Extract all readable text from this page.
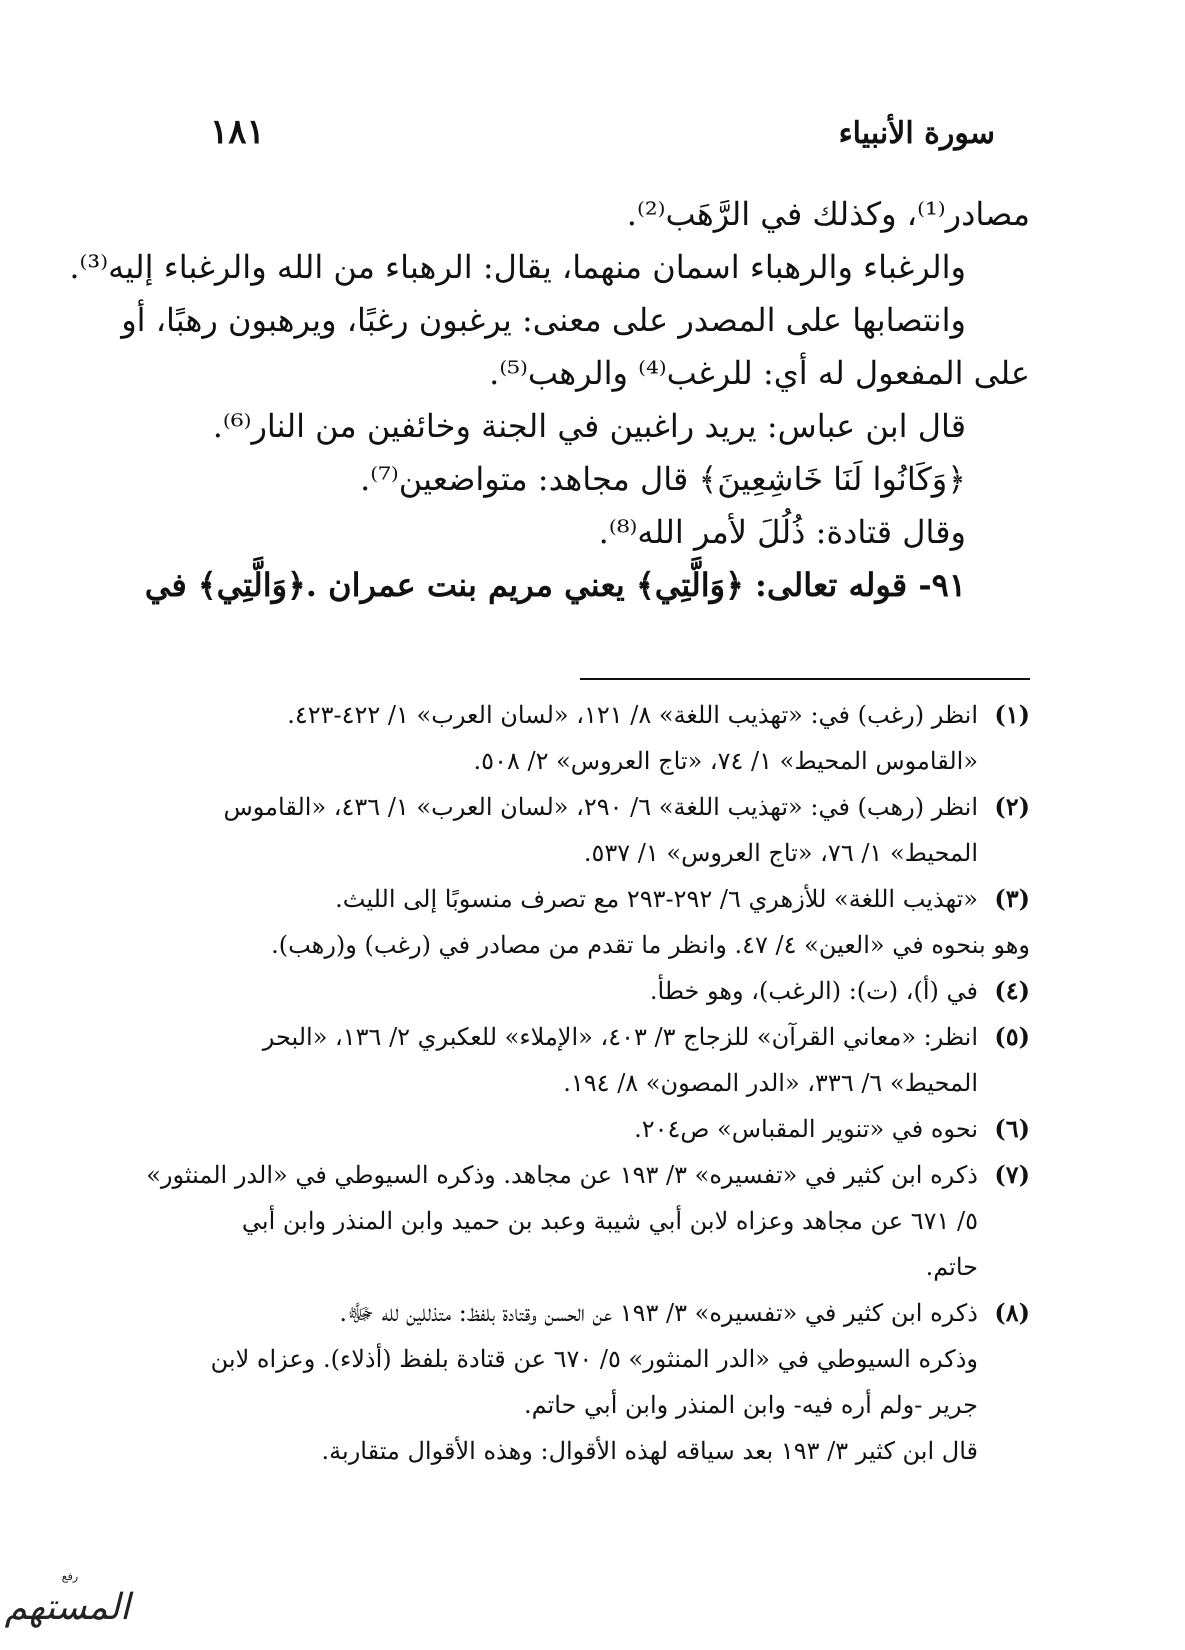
١٨١	سورة الأنبياء
مصادر⁽¹⁾، وكذلك في الرَّهَب⁽²⁾.
والرغباء والرهباء اسمان منهما، يقال: الرهباء من الله والرغباء إليه⁽³⁾.
وانتصابها على المصدر على معنى: يرغبون رغبًا، ويرهبون رهبًا، أو
على المفعول له أي: للرغب⁽⁴⁾ والرهب⁽⁵⁾.
قال ابن عباس: يريد راغبين في الجنة وخائفين من النار⁽⁶⁾.
﴿وَكَانُوا لَنَا خَاشِعِينَ﴾ قال مجاهد: متواضعين⁽⁷⁾.
وقال قتادة: ذُلُلَ لأمر الله⁽⁸⁾.
٩١- قوله تعالى: ﴿وَالَّتِي﴾ يعني مريم بنت عمران .﴿وَالَّتِي﴾ في
(١)
انظر (رغب) في: «تهذيب اللغة» ٨/ ١٢١، «لسان العرب» ١/ ٤٢٢-٤٢٣.
«القاموس المحيط» ١/ ٧٤، «تاج العروس» ٢/ ٥٠٨.
(٢)
انظر (رهب) في: «تهذيب اللغة» ٦/ ٢٩٠، «لسان العرب» ١/ ٤٣٦، «القاموس
المحيط» ١/ ٧٦، «تاج العروس» ١/ ٥٣٧.
(٣)
«تهذيب اللغة» للأزهري ٦/ ٢٩٢-٢٩٣ مع تصرف منسوبًا إلى الليث.
وهو بنحوه في «العين» ٤/ ٤٧. وانظر ما تقدم من مصادر في (رغب) و(رهب).
(٤)
في (أ)، (ت): (الرغب)، وهو خطأ.
(٥)
انظر: «معاني القرآن» للزجاج ٣/ ٤٠٣، «الإملاء» للعكبري ٢/ ١٣٦، «البحر
المحيط» ٦/ ٣٣٦، «الدر المصون» ٨/ ١٩٤.
(٦)
نحوه في «تنوير المقباس» ص٢٠٤.
(٧)
ذكره ابن كثير في «تفسيره» ٣/ ١٩٣ عن مجاهد. وذكره السيوطي في «الدر المنثور»
٥/ ٦٧١ عن مجاهد وعزاه لابن أبي شيبة وعبد بن حميد وابن المنذر وابن أبي
حاتم.
(٨)
ذكره ابن كثير في «تفسيره» ٣/ ١٩٣ عن الحسن وقتادة بلفظ: متذللين لله ﷻ.
وذكره السيوطي في «الدر المنثور» ٥/ ٦٧٠ عن قتادة بلفظ (أذلاء). وعزاه لابن
جرير -ولم أره فيه- وابن المنذر وابن أبي حاتم.
قال ابن كثير ٣/ ١٩٣ بعد سياقه لهذه الأقوال: وهذه الأقوال متقاربة.
رفع
المستهم
